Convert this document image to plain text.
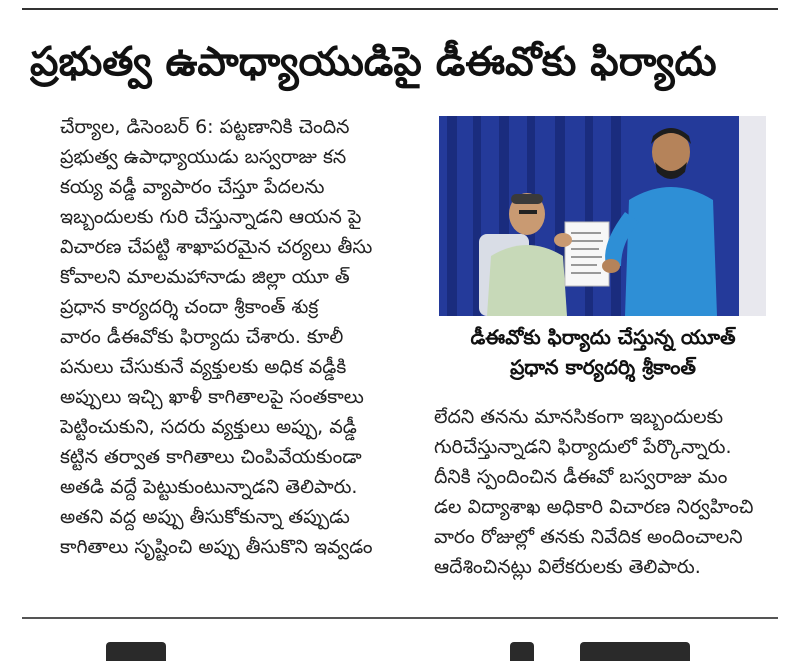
ప్రభుత్వ ఉపాధ్యాయుడిపై డీఈవోకు ఫిర్యాదు
చేర్యాల, డిసెంబర్ 6: పట్టణానికి చెందిన
ప్రభుత్వ ఉపాధ్యాయుడు బస్వరాజు కన
కయ్య వడ్డీ వ్యాపారం చేస్తూ పేదలను
ఇబ్బందులకు గురి చేస్తున్నాడని ఆయన పై
విచారణ చేపట్టి శాఖాపరమైన చర్యలు తీసు
కోవాలని మాలమహానాడు జిల్లా యూ త్
ప్రధాన కార్యదర్శి చందా శ్రీకాంత్ శుక్ర
వారం డీఈవోకు ఫిర్యాదు చేశారు. కూలీ
పనులు చేసుకునే వ్యక్తులకు అధిక వడ్డీకి
అప్పులు ఇచ్చి ఖాళీ కాగితాలపై సంతకాలు
పెట్టించుకుని, సదరు వ్యక్తులు అప్పు, వడ్డీ
కట్టిన తర్వాత కాగితాలు చింపివేయకుండా
అతడి వద్దే పెట్టుకుంటున్నాడని తెలిపారు.
అతని వద్ద అప్పు తీసుకోకున్నా తప్పుడు
కాగితాలు సృష్టించి అప్పు తీసుకొని ఇవ్వడం
డీఈవోకు ఫిర్యాదు చేస్తున్న యూత్
ప్రధాన కార్యదర్శి శ్రీకాంత్
లేదని తనను మానసికంగా ఇబ్బందులకు
గురిచేస్తున్నాడని ఫిర్యాదులో పేర్కొన్నారు.
దీనికి స్పందించిన డీఈవో బస్వరాజు మం
డల విద్యాశాఖ అధికారి విచారణ నిర్వహించి
వారం రోజుల్లో తనకు నివేదిక అందించాలని
ఆదేశించినట్లు విలేకరులకు తెలిపారు.
